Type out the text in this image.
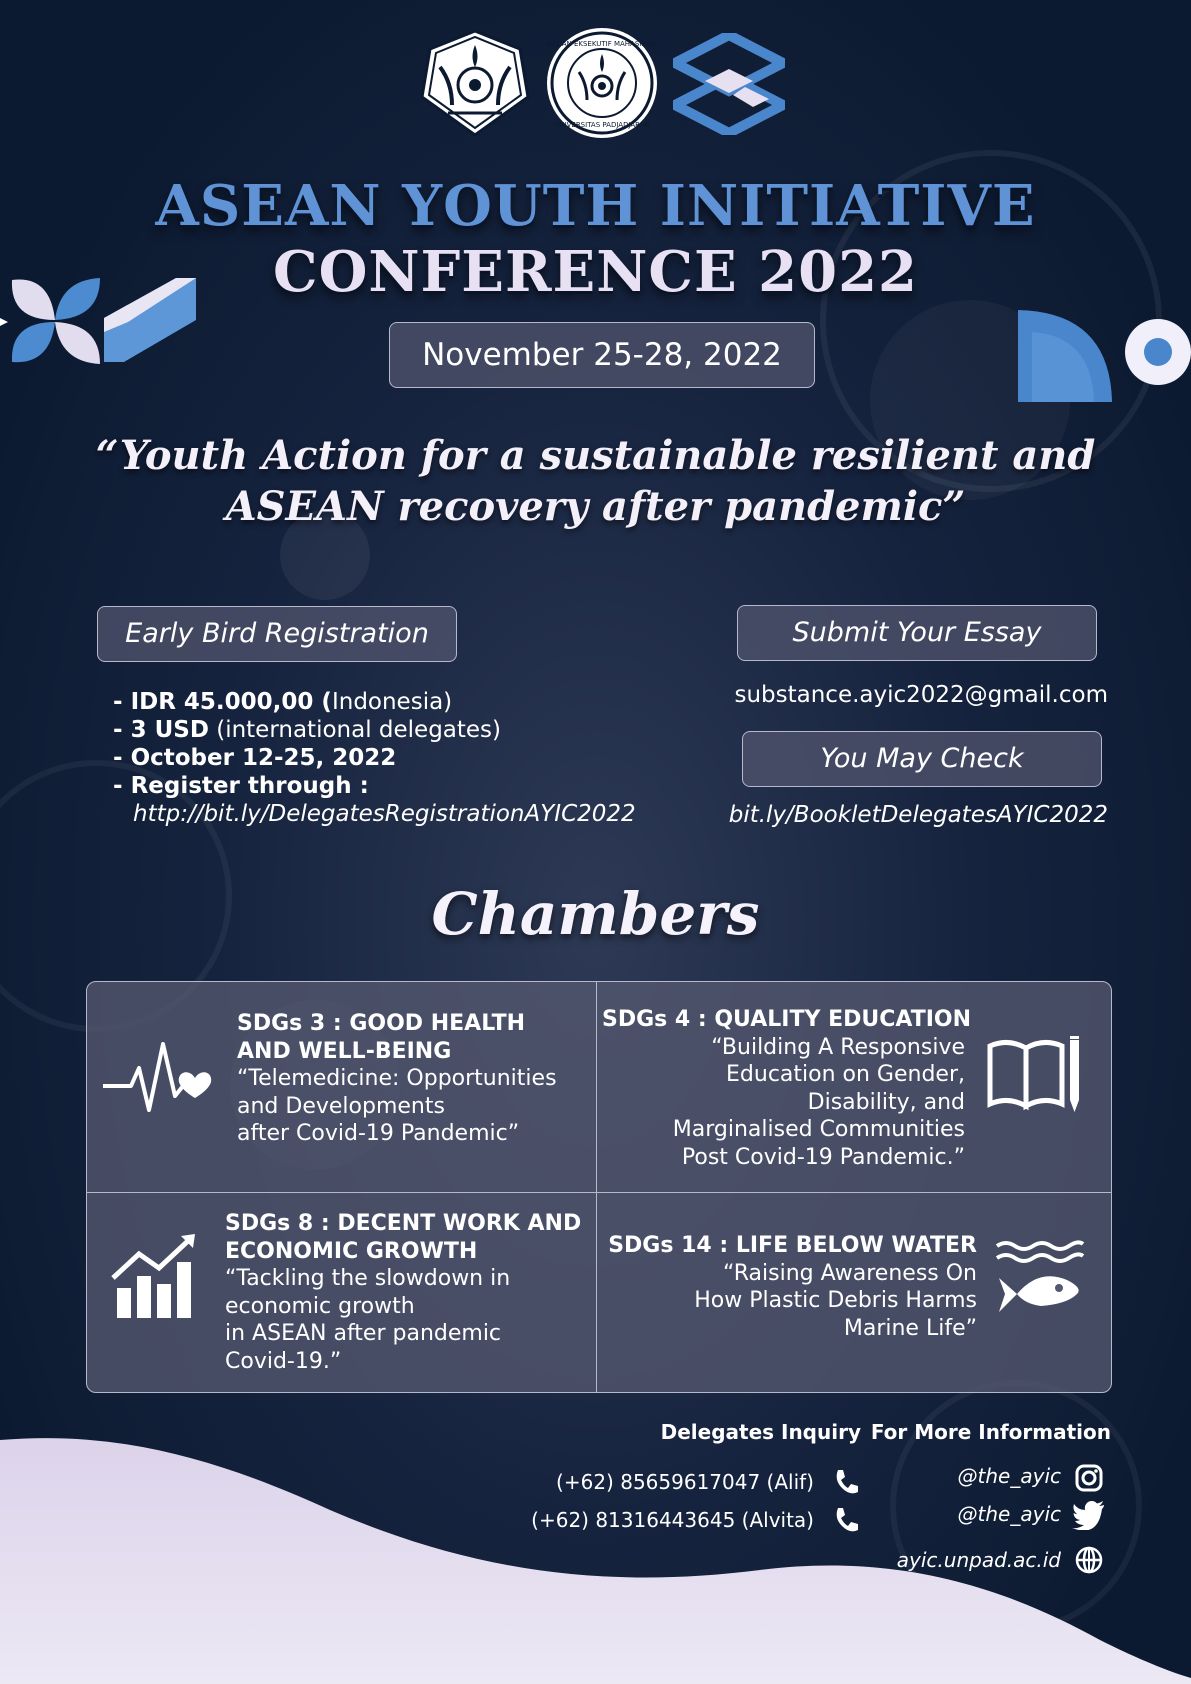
BADAN EKSEKUTIF MAHASISWA
UNIVERSITAS PADJADJARAN
ASEAN YOUTH INITIATIVE
CONFERENCE 2022
November 25-28, 2022
“Youth Action for a sustainable resilient and
ASEAN recovery after pandemic”
Early Bird Registration
- IDR 45.000,00 (Indonesia)
- 3 USD (international delegates)
- October 12-25, 2022
- Register through :
http://bit.ly/DelegatesRegistrationAYIC2022
Submit Your Essay
substance.ayic2022@gmail.com
You May Check
bit.ly/BookletDelegatesAYIC2022
Chambers
SDGs 3 : GOOD HEALTH
AND WELL-BEING
“Telemedicine: Opportunities
and Developments
after Covid-19 Pandemic”
SDGs 4 : QUALITY EDUCATION
“Building A Responsive
Education on Gender,
Disability, and
Marginalised Communities
Post Covid-19 Pandemic.”
SDGs 8 : DECENT WORK AND
ECONOMIC GROWTH
“Tackling the slowdown in
economic growth
in ASEAN after pandemic
Covid-19.”
SDGs 14 : LIFE BELOW WATER
“Raising Awareness On
How Plastic Debris Harms
Marine Life”
Delegates Inquiry For More Information
(+62) 85659617047 (Alif)
(+62) 81316443645 (Alvita)
@the_ayic
@the_ayic
ayic.unpad.ac.id
